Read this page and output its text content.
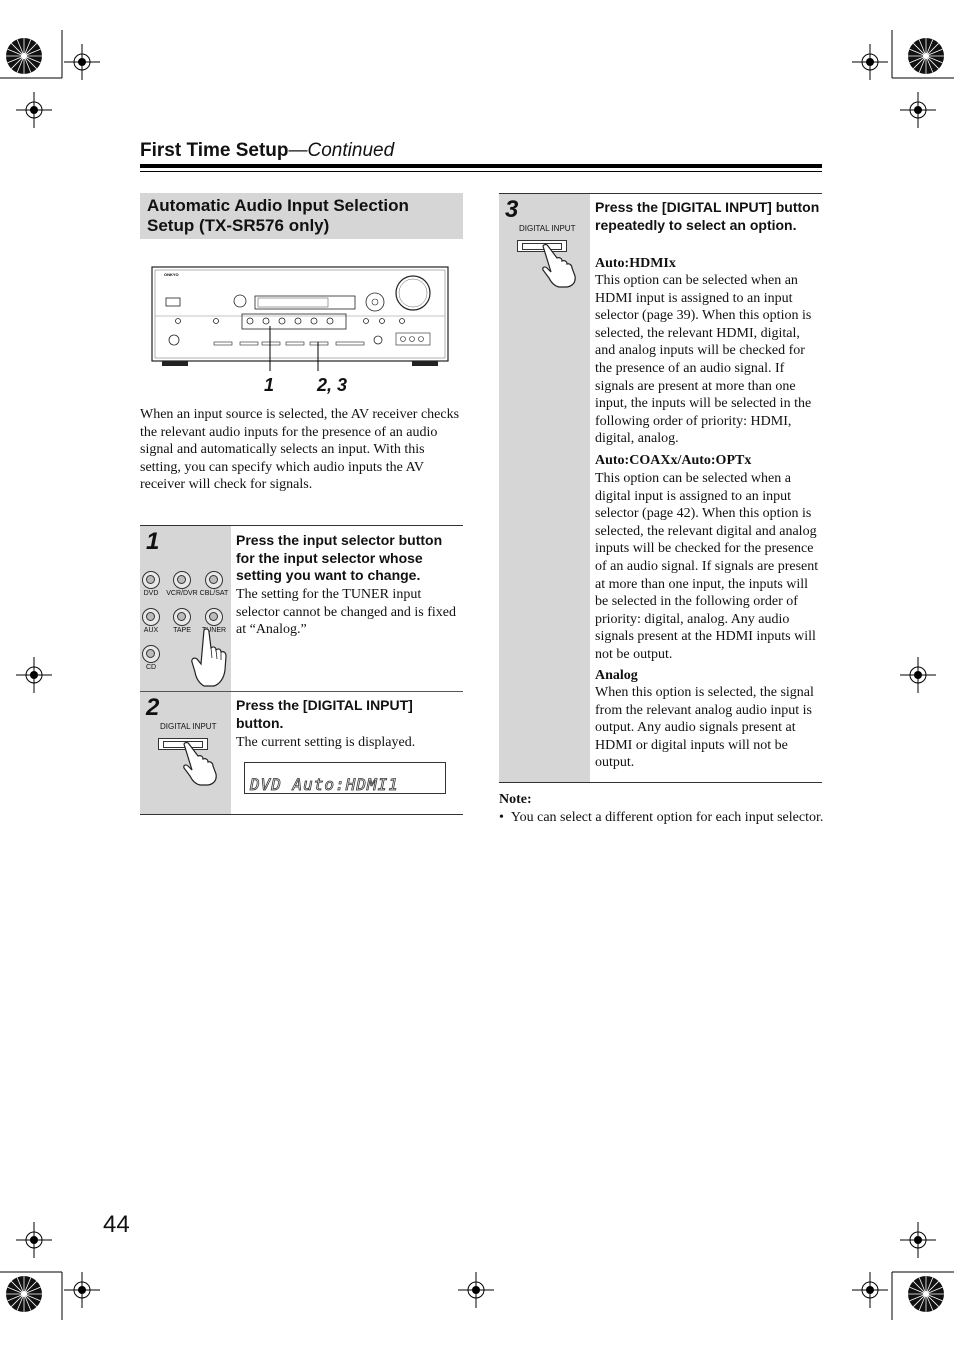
First Time Setup—Continued
Automatic Audio Input Selection Setup (TX-SR576 only)
ONKYO
1 2, 3
When an input source is selected, the AV receiver checks the relevant audio inputs for the presence of an audio signal and automatically selects an input. With this setting, you can specify which audio inputs the AV receiver will check for signals.
1
DVD	VCR/DVR CBL/SAT
AUX	TAPE	TUNER
CD
Press the input selector button for the input selector whose setting you want to change.
The setting for the TUNER input selector cannot be changed and is fixed at “Analog.”
2
DIGITAL INPUT
Press the [DIGITAL INPUT] button.
The current setting is displayed.
DVD Auto:HDMI1
3
DIGITAL INPUT
Press the [DIGITAL INPUT] button repeatedly to select an option.
Auto:HDMIx
This option can be selected when an HDMI input is assigned to an input selector (page 39). When this option is selected, the relevant HDMI, digital, and analog inputs will be checked for the presence of an audio signal. If signals are present at more than one input, the inputs will be selected in the following order of priority: HDMI, digital, analog.
Auto:COAXx/Auto:OPTx
This option can be selected when a digital input is assigned to an input selector (page 42). When this option is selected, the relevant digital and analog inputs will be checked for the presence of an audio signal. If signals are present at more than one input, the inputs will be selected in the following order of priority: digital, analog. Any audio signals present at the HDMI inputs will not be output.
Analog
When this option is selected, the signal from the relevant analog audio input is output. Any audio signals present at HDMI or digital inputs will not be output.
Note:
•  You can select a different option for each input selector.
44
